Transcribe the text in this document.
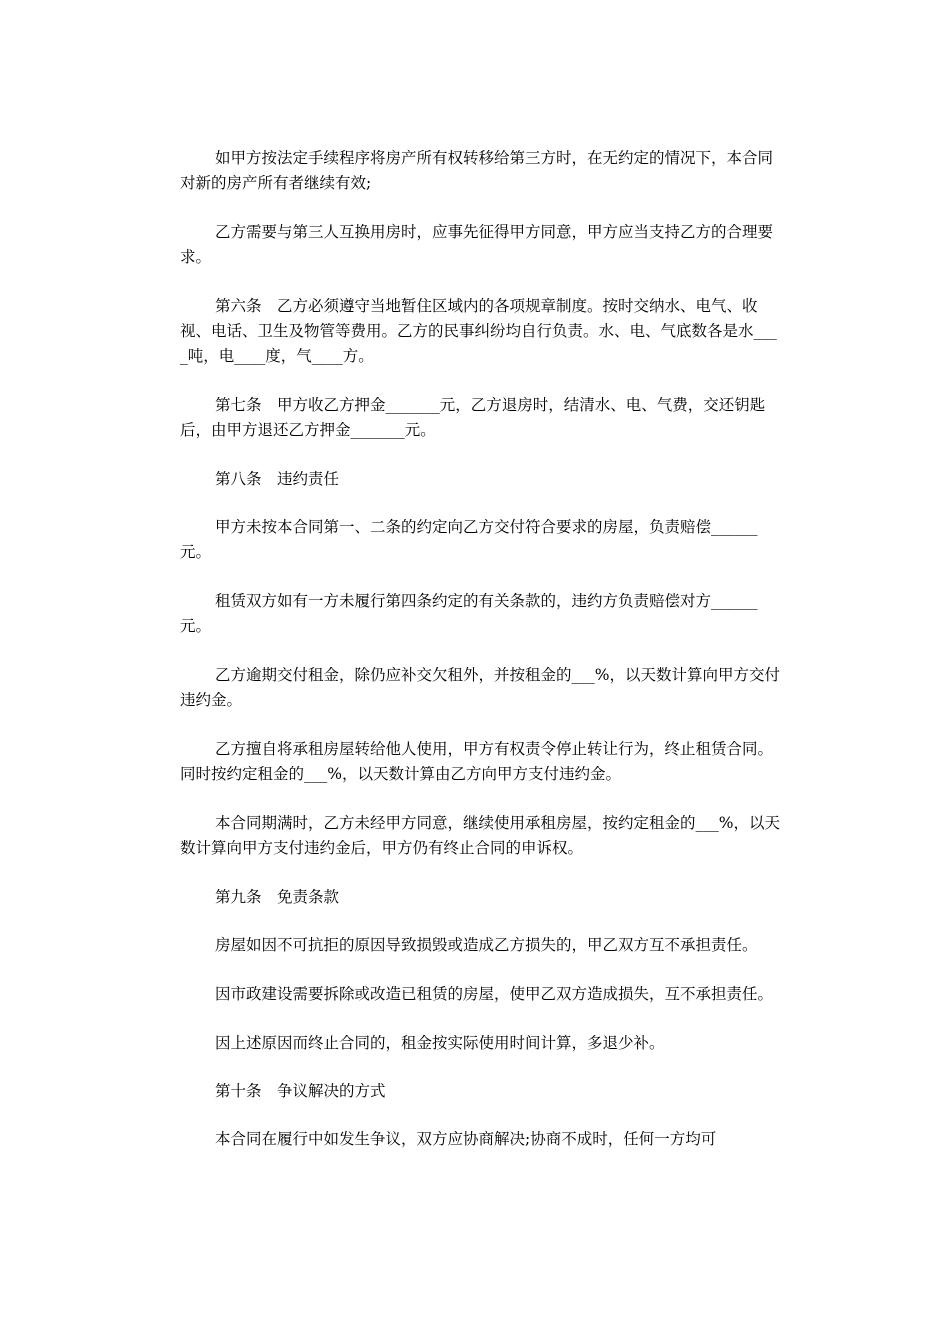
如甲方按法定手续程序将房产所有权转移给第三方时，在无约定的情况下，本合同对新的房产所有者继续有效;

乙方需要与第三人互换用房时，应事先征得甲方同意，甲方应当支持乙方的合理要求。

第六条　乙方必须遵守当地暂住区域内的各项规章制度。按时交纳水、电气、收视、电话、卫生及物管等费用。乙方的民事纠纷均自行负责。水、电、气底数各是水____吨，电____度，气____方。

第七条　甲方收乙方押金_______元，乙方退房时，结清水、电、气费，交还钥匙后，由甲方退还乙方押金_______元。

第八条　违约责任

甲方未按本合同第一、二条的约定向乙方交付符合要求的房屋，负责赔偿______元。

租赁双方如有一方未履行第四条约定的有关条款的，违约方负责赔偿对方______元。

乙方逾期交付租金，除仍应补交欠租外，并按租金的___%，以天数计算向甲方交付违约金。

乙方擅自将承租房屋转给他人使用，甲方有权责令停止转让行为，终止租赁合同。同时按约定租金的___%，以天数计算由乙方向甲方支付违约金。

本合同期满时，乙方未经甲方同意，继续使用承租房屋，按约定租金的___%，以天数计算向甲方支付违约金后，甲方仍有终止合同的申诉权。

第九条　免责条款

房屋如因不可抗拒的原因导致损毁或造成乙方损失的，甲乙双方互不承担责任。

因市政建设需要拆除或改造已租赁的房屋，使甲乙双方造成损失，互不承担责任。

因上述原因而终止合同的，租金按实际使用时间计算，多退少补。

第十条　争议解决的方式

本合同在履行中如发生争议，双方应协商解决;协商不成时，任何一方均可
